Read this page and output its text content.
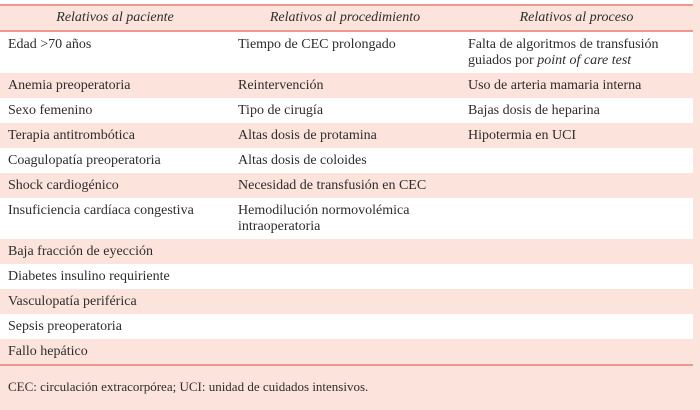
Relativos al paciente	Relativos al procedimiento	Relativos al proceso
Edad >70 años	Tiempo de CEC prolongado	Falta de algoritmos de transfusión
guiados por point of care test
Anemia preoperatoria	Reintervención	Uso de arteria mamaria interna
Sexo femenino	Tipo de cirugía	Bajas dosis de heparina
Terapia antitrombótica	Altas dosis de protamina	Hipotermia en UCI
Coagulopatía preoperatoria	Altas dosis de coloides
Shock cardiogénico	Necesidad de transfusión en CEC
Insuficiencia cardíaca congestiva	Hemodilución normovolémica
intraoperatoria
Baja fracción de eyección
Diabetes insulino requiriente
Vasculopatía periférica
Sepsis preoperatoria
Fallo hepático
CEC: circulación extracorpórea; UCI: unidad de cuidados intensivos.
